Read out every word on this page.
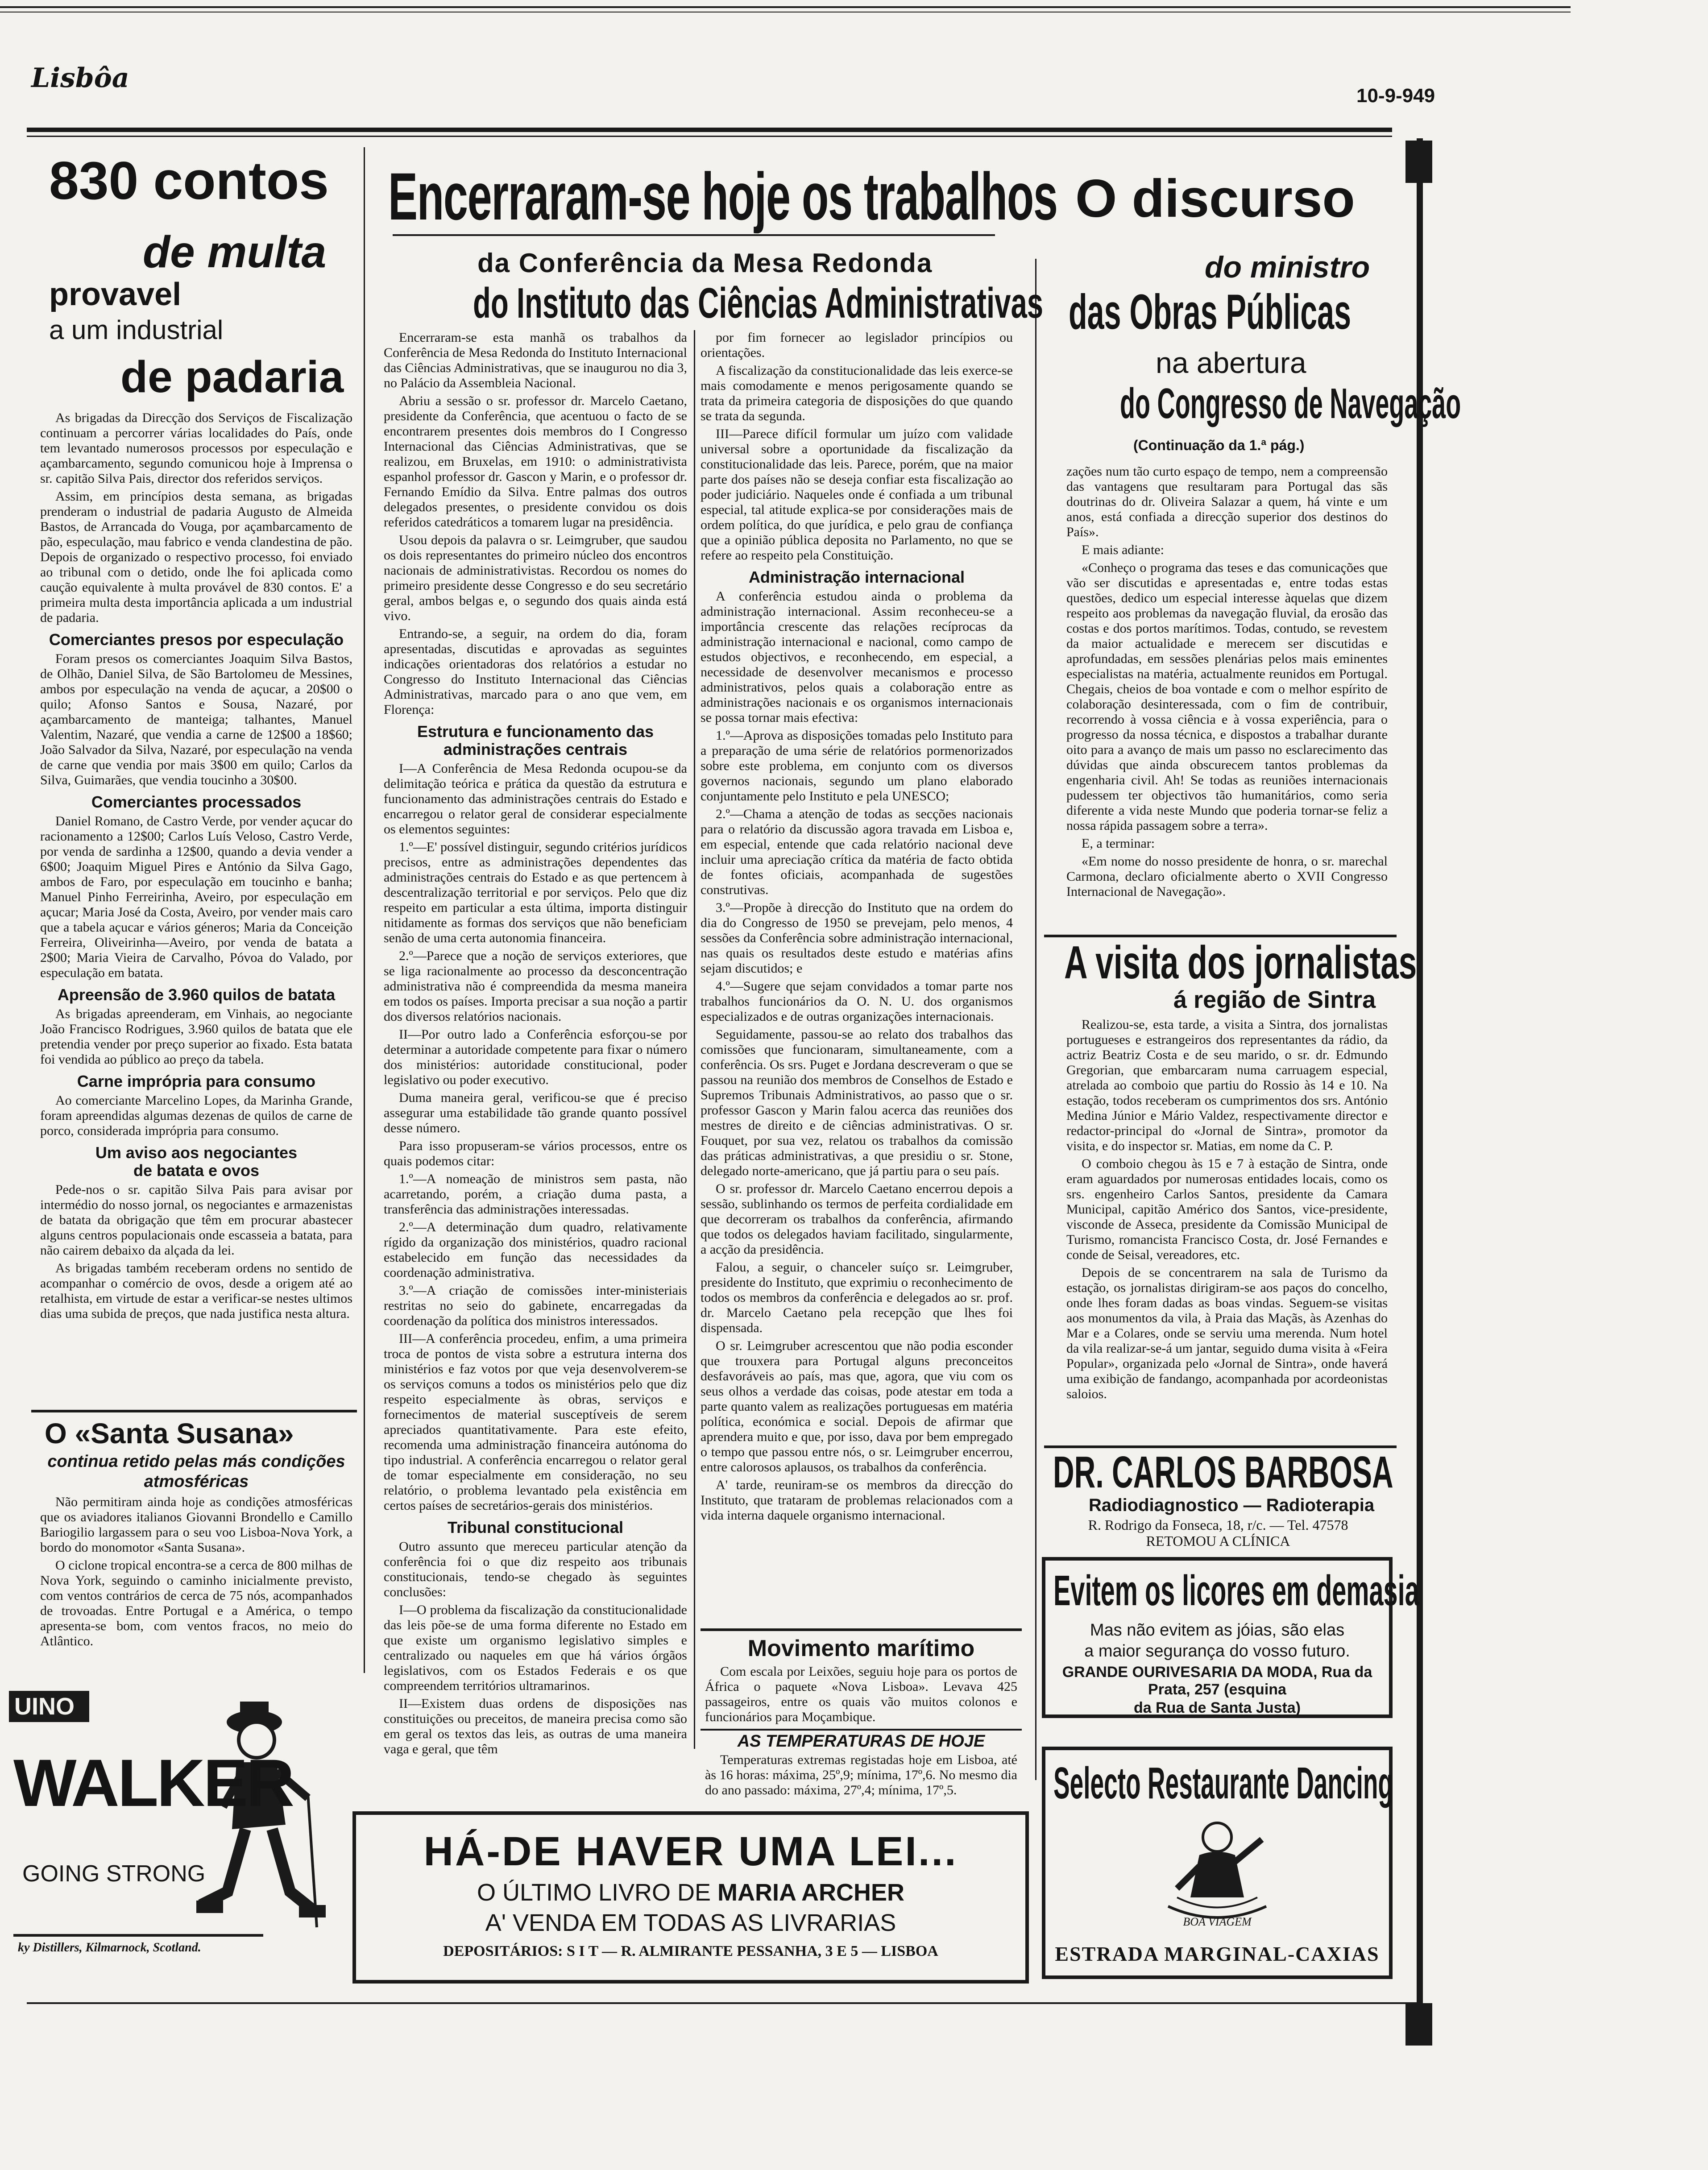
Lisbôa
10-9-949
830 contos
de multa
provavel
a um industrial
de padaria

As brigadas da Direcção dos Serviços de Fiscalização continuam a percorrer várias localidades do País, onde tem levantado numerosos processos por especulação e açambarcamento, segundo comunicou hoje à Imprensa o sr. capitão Silva Pais, director dos referidos serviços.

Assim, em princípios desta semana, as brigadas prenderam o industrial de padaria Augusto de Almeida Bastos, de Arrancada do Vouga, por açambarcamento de pão, especulação, mau fabrico e venda clandestina de pão. Depois de organizado o respectivo processo, foi enviado ao tribunal com o detido, onde lhe foi aplicada como caução equivalente à multa provável de 830 contos. E' a primeira multa desta importância aplicada a um industrial de padaria.

Comerciantes presos por especulação

Foram presos os comerciantes Joaquim Silva Bastos, de Olhão, Daniel Silva, de São Bartolomeu de Messines, ambos por especulação na venda de açucar, a 20$00 o quilo; Afonso Santos e Sousa, Nazaré, por açambarcamento de manteiga; talhantes, Manuel Valentim, Nazaré, que vendia a carne de 12$00 a 18$60; João Salvador da Silva, Nazaré, por especulação na venda de carne que vendia por mais 3$00 em quilo; Carlos da Silva, Guimarães, que vendia toucinho a 30$00.

Comerciantes processados

Daniel Romano, de Castro Verde, por vender açucar do racionamento a 12$00; Carlos Luís Veloso, Castro Verde, por venda de sardinha a 12$00, quando a devia vender a 6$00; Joaquim Miguel Pires e António da Silva Gago, ambos de Faro, por especulação em toucinho e banha; Manuel Pinho Ferreirinha, Aveiro, por especulação em açucar; Maria José da Costa, Aveiro, por vender mais caro que a tabela açucar e vários géneros; Maria da Conceição Ferreira, Oliveirinha—Aveiro, por venda de batata a 2$00; Maria Vieira de Carvalho, Póvoa do Valado, por especulação em batata.

Apreensão de 3.960 quilos de batata

As brigadas apreenderam, em Vinhais, ao negociante João Francisco Rodrigues, 3.960 quilos de batata que ele pretendia vender por preço superior ao fixado. Esta batata foi vendida ao público ao preço da tabela.

Carne imprópria para consumo

Ao comerciante Marcelino Lopes, da Marinha Grande, foram apreendidas algumas dezenas de quilos de carne de porco, considerada imprópria para consumo.

Um aviso aos negociantes
de batata e ovos

Pede-nos o sr. capitão Silva Pais para avisar por intermédio do nosso jornal, os negociantes e armazenistas de batata da obrigação que têm em procurar abastecer alguns centros populacionais onde escasseia a batata, para não cairem debaixo da alçada da lei.

As brigadas também receberam ordens no sentido de acompanhar o comércio de ovos, desde a origem até ao retalhista, em virtude de estar a verificar-se nestes ultimos dias uma subida de preços, que nada justifica nesta altura.

O «Santa Susana»
continua retido pelas más condições
atmosféricas

Não permitiram ainda hoje as condições atmosféricas que os aviadores italianos Giovanni Brondello e Camillo Bariogilio largassem para o seu voo Lisboa-Nova York, a bordo do monomotor «Santa Susana».

O ciclone tropical encontra-se a cerca de 800 milhas de Nova York, seguindo o caminho inicialmente previsto, com ventos contrários de cerca de 75 nós, acompanhados de trovoadas. Entre Portugal e a América, o tempo apresenta-se bom, com ventos fracos, no meio do Atlântico.

UINO
WALKER
GOING STRONG
ky Distillers, Kilmarnock, Scotland.
Encerraram-se hoje os trabalhos
da Conferência da Mesa Redonda
do Instituto das Ciências Administrativas

Encerraram-se esta manhã os trabalhos da Conferência de Mesa Redonda do Instituto Internacional das Ciências Administrativas, que se inaugurou no dia 3, no Palácio da Assembleia Nacional.

Abriu a sessão o sr. professor dr. Marcelo Caetano, presidente da Conferência, que acentuou o facto de se encontrarem presentes dois membros do I Congresso Internacional das Ciências Administrativas, que se realizou, em Bruxelas, em 1910: o administrativista espanhol professor dr. Gascon y Marin, e o professor dr. Fernando Emídio da Silva. Entre palmas dos outros delegados presentes, o presidente convidou os dois referidos catedráticos a tomarem lugar na presidência.

Usou depois da palavra o sr. Leimgruber, que saudou os dois representantes do primeiro núcleo dos encontros nacionais de administrativistas. Recordou os nomes do primeiro presidente desse Congresso e do seu secretário geral, ambos belgas e, o segundo dos quais ainda está vivo.

Entrando-se, a seguir, na ordem do dia, foram apresentadas, discutidas e aprovadas as seguintes indicações orientadoras dos relatórios a estudar no Congresso do Instituto Internacional das Ciências Administrativas, marcado para o ano que vem, em Florença:

Estrutura e funcionamento das administrações centrais

I—A Conferência de Mesa Redonda ocupou-se da delimitação teórica e prática da questão da estrutura e funcionamento das administrações centrais do Estado e encarregou o relator geral de considerar especialmente os elementos seguintes:

1.º—E' possível distinguir, segundo critérios jurídicos precisos, entre as administrações dependentes das administrações centrais do Estado e as que pertencem à descentralização territorial e por serviços. Pelo que diz respeito em particular a esta última, importa distinguir nitidamente as formas dos serviços que não beneficiam senão de uma certa autonomia financeira.

2.º—Parece que a noção de serviços exteriores, que se liga racionalmente ao processo da desconcentração administrativa não é compreendida da mesma maneira em todos os países. Importa precisar a sua noção a partir dos diversos relatórios nacionais.

II—Por outro lado a Conferência esforçou-se por determinar a autoridade competente para fixar o número dos ministérios: autoridade constitucional, poder legislativo ou poder executivo.

Duma maneira geral, verificou-se que é preciso assegurar uma estabilidade tão grande quanto possível desse número.

Para isso propuseram-se vários processos, entre os quais podemos citar:

1.º—A nomeação de ministros sem pasta, não acarretando, porém, a criação duma pasta, a transferência das administrações interessadas.

2.º—A determinação dum quadro, relativamente rígido da organização dos ministérios, quadro racional estabelecido em função das necessidades da coordenação administrativa.

3.º—A criação de comissões inter-ministeriais restritas no seio do gabinete, encarregadas da coordenação da política dos ministros interessados.

III—A conferência procedeu, enfim, a uma primeira troca de pontos de vista sobre a estrutura interna dos ministérios e faz votos por que veja desenvolverem-se os serviços comuns a todos os ministérios pelo que diz respeito especialmente às obras, serviços e fornecimentos de material susceptíveis de serem apreciados quantitativamente. Para este efeito, recomenda uma administração financeira autónoma do tipo industrial. A conferência encarregou o relator geral de tomar especialmente em consideração, no seu relatório, o problema levantado pela existência em certos países de secretários-gerais dos ministérios.

Tribunal constitucional

Outro assunto que mereceu particular atenção da conferência foi o que diz respeito aos tribunais constitucionais, tendo-se chegado às seguintes conclusões:

I—O problema da fiscalização da constitucionalidade das leis põe-se de uma forma diferente no Estado em que existe um organismo legislativo simples e centralizado ou naqueles em que há vários órgãos legislativos, com os Estados Federais e os que compreendem territórios ultramarinos.

II—Existem duas ordens de disposições nas constituições ou preceitos, de maneira precisa como são em geral os textos das leis, as outras de uma maneira vaga e geral, que têm

por fim fornecer ao legislador princípios ou orientações.

A fiscalização da constitucionalidade das leis exerce-se mais comodamente e menos perigosamente quando se trata da primeira categoria de disposições do que quando se trata da segunda.

III—Parece difícil formular um juízo com validade universal sobre a oportunidade da fiscalização da constitucionalidade das leis. Parece, porém, que na maior parte dos países não se deseja confiar esta fiscalização ao poder judiciário. Naqueles onde é confiada a um tribunal especial, tal atitude explica-se por considerações mais de ordem política, do que jurídica, e pelo grau de confiança que a opinião pública deposita no Parlamento, no que se refere ao respeito pela Constituição.

Administração internacional

A conferência estudou ainda o problema da administração internacional. Assim reconheceu-se a importância crescente das relações recíprocas da administração internacional e nacional, como campo de estudos objectivos, e reconhecendo, em especial, a necessidade de desenvolver mecanismos e processo administrativos, pelos quais a colaboração entre as administrações nacionais e os organismos internacionais se possa tornar mais efectiva:

1.º—Aprova as disposições tomadas pelo Instituto para a preparação de uma série de relatórios pormenorizados sobre este problema, em conjunto com os diversos governos nacionais, segundo um plano elaborado conjuntamente pelo Instituto e pela UNESCO;

2.º—Chama a atenção de todas as secções nacionais para o relatório da discussão agora travada em Lisboa e, em especial, entende que cada relatório nacional deve incluir uma apreciação crítica da matéria de facto obtida de fontes oficiais, acompanhada de sugestões construtivas.

3.º—Propõe à direcção do Instituto que na ordem do dia do Congresso de 1950 se prevejam, pelo menos, 4 sessões da Conferência sobre administração internacional, nas quais os resultados deste estudo e matérias afins sejam discutidos; e

4.º—Sugere que sejam convidados a tomar parte nos trabalhos funcionários da O. N. U. dos organismos especializados e de outras organizações internacionais.

Seguidamente, passou-se ao relato dos trabalhos das comissões que funcionaram, simultaneamente, com a conferência. Os srs. Puget e Jordana descreveram o que se passou na reunião dos membros de Conselhos de Estado e Supremos Tribunais Administrativos, ao passo que o sr. professor Gascon y Marin falou acerca das reuniões dos mestres de direito e de ciências administrativas. O sr. Fouquet, por sua vez, relatou os trabalhos da comissão das práticas administrativas, a que presidiu o sr. Stone, delegado norte-americano, que já partiu para o seu país.

O sr. professor dr. Marcelo Caetano encerrou depois a sessão, sublinhando os termos de perfeita cordialidade em que decorreram os trabalhos da conferência, afirmando que todos os delegados haviam facilitado, singularmente, a acção da presidência.

Falou, a seguir, o chanceler suíço sr. Leimgruber, presidente do Instituto, que exprimiu o reconhecimento de todos os membros da conferência e delegados ao sr. prof. dr. Marcelo Caetano pela recepção que lhes foi dispensada.

O sr. Leimgruber acrescentou que não podia esconder que trouxera para Portugal alguns preconceitos desfavoráveis ao país, mas que, agora, que viu com os seus olhos a verdade das coisas, pode atestar em toda a parte quanto valem as realizações portuguesas em matéria política, económica e social. Depois de afirmar que aprendera muito e que, por isso, dava por bem empregado o tempo que passou entre nós, o sr. Leimgruber encerrou, entre calorosos aplausos, os trabalhos da conferência.

A' tarde, reuniram-se os membros da direcção do Instituto, que trataram de problemas relacionados com a vida interna daquele organismo internacional.

Movimento marítimo

Com escala por Leixões, seguiu hoje para os portos de África o paquete «Nova Lisboa». Levava 425 passageiros, entre os quais vão muitos colonos e funcionários para Moçambique.

AS TEMPERATURAS DE HOJE

Temperaturas extremas registadas hoje em Lisboa, até às 16 horas: máxima, 25º,9; mínima, 17º,6. No mesmo dia do ano passado: máxima, 27º,4; mínima, 17º,5.

HÁ-DE HAVER UMA LEI...
O ÚLTIMO LIVRO DE MARIA ARCHER
A' VENDA EM TODAS AS LIVRARIAS
DEPOSITÁRIOS: S I T — R. ALMIRANTE PESSANHA, 3 E 5 — LISBOA
O discurso
do ministro
das Obras Públicas
na abertura
do Congresso de Navegação
(Continuação da 1.ª pág.)

zações num tão curto espaço de tempo, nem a compreensão das vantagens que resultaram para Portugal das sãs doutrinas do dr. Oliveira Salazar a quem, há vinte e um anos, está confiada a direcção superior dos destinos do País».

E mais adiante:

«Conheço o programa das teses e das comunicações que vão ser discutidas e apresentadas e, entre todas estas questões, dedico um especial interesse àquelas que dizem respeito aos problemas da navegação fluvial, da erosão das costas e dos portos marítimos. Todas, contudo, se revestem da maior actualidade e merecem ser discutidas e aprofundadas, em sessões plenárias pelos mais eminentes especialistas na matéria, actualmente reunidos em Portugal. Chegais, cheios de boa vontade e com o melhor espírito de colaboração desinteressada, com o fim de contribuir, recorrendo à vossa ciência e à vossa experiência, para o progresso da nossa técnica, e dispostos a trabalhar durante oito para a avanço de mais um passo no esclarecimento das dúvidas que ainda obscurecem tantos problemas da engenharia civil. Ah! Se todas as reuniões internacionais pudessem ter objectivos tão humanitários, como seria diferente a vida neste Mundo que poderia tornar-se feliz a nossa rápida passagem sobre a terra».

E, a terminar:

«Em nome do nosso presidente de honra, o sr. marechal Carmona, declaro oficialmente aberto o XVII Congresso Internacional de Navegação».

A visita dos jornalistas
á região de Sintra

Realizou-se, esta tarde, a visita a Sintra, dos jornalistas portugueses e estrangeiros dos representantes da rádio, da actriz Beatriz Costa e de seu marido, o sr. dr. Edmundo Gregorian, que embarcaram numa carruagem especial, atrelada ao comboio que partiu do Rossio às 14 e 10. Na estação, todos receberam os cumprimentos dos srs. António Medina Júnior e Mário Valdez, respectivamente director e redactor-principal do «Jornal de Sintra», promotor da visita, e do inspector sr. Matias, em nome da C. P.

O comboio chegou às 15 e 7 à estação de Sintra, onde eram aguardados por numerosas entidades locais, como os srs. engenheiro Carlos Santos, presidente da Camara Municipal, capitão Américo dos Santos, vice-presidente, visconde de Asseca, presidente da Comissão Municipal de Turismo, romancista Francisco Costa, dr. José Fernandes e conde de Seisal, vereadores, etc.

Depois de se concentrarem na sala de Turismo da estação, os jornalistas dirigiram-se aos paços do concelho, onde lhes foram dadas as boas vindas. Seguem-se visitas aos monumentos da vila, à Praia das Maçãs, às Azenhas do Mar e a Colares, onde se serviu uma merenda. Num hotel da vila realizar-se-á um jantar, seguido duma visita à «Feira Popular», organizada pelo «Jornal de Sintra», onde haverá uma exibição de fandango, acompanhada por acordeonistas saloios.

DR. CARLOS BARBOSA
Radiodiagnostico — Radioterapia
R. Rodrigo da Fonseca, 18, r/c. — Tel. 47578
RETOMOU A CLÍNICA
Evitem os licores em demasia
Mas não evitem as jóias, são elas
a maior segurança do vosso futuro.
GRANDE OURIVESARIA DA MODA, Rua da Prata, 257 (esquina
da Rua de Santa Justa)
Selecto Restaurante Dancing
BOA VIAGEM
ESTRADA MARGINAL-CAXIAS
